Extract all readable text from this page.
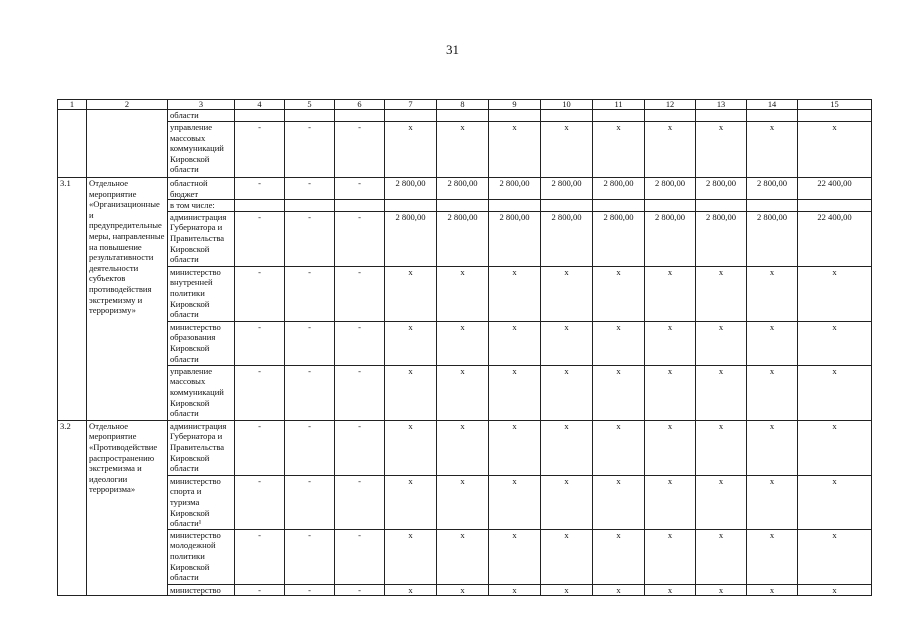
31
1	2	3	4	5	6	7	8	9	10	11	12	13	14	15
		области												
		управление массовых коммуникаций Кировской области	-	-	-	х	х	х	х	х	х	х	х	х
3.1	Отдельное мероприятие «Организационные и предупредительные меры, направленные на повышение результативности деятельности субъектов противодействия экстремизму и терроризму»	областной бюджет	-	-	-	2 800,00	2 800,00	2 800,00	2 800,00	2 800,00	2 800,00	2 800,00	2 800,00	22 400,00
		в том числе:												
		администрация Губернатора и Правительства Кировской области	-	-	-	2 800,00	2 800,00	2 800,00	2 800,00	2 800,00	2 800,00	2 800,00	2 800,00	22 400,00
		министерство внутренней политики Кировской области	-	-	-	х	х	х	х	х	х	х	х	х
		министерство образования Кировской области	-	-	-	х	х	х	х	х	х	х	х	х
		управление массовых коммуникаций Кировской области	-	-	-	х	х	х	х	х	х	х	х	х
3.2	Отдельное мероприятие «Противодействие распространению экстремизма и идеологии терроризма»	администрация Губернатора и Правительства Кировской области	-	-	-	х	х	х	х	х	х	х	х	х
		министерство спорта и туризма Кировской области¹	-	-	-	х	х	х	х	х	х	х	х	х
		министерство молодежной политики Кировской области	-	-	-	х	х	х	х	х	х	х	х	х
		министерство	-	-	-	х	х	х	х	х	х	х	х	х
